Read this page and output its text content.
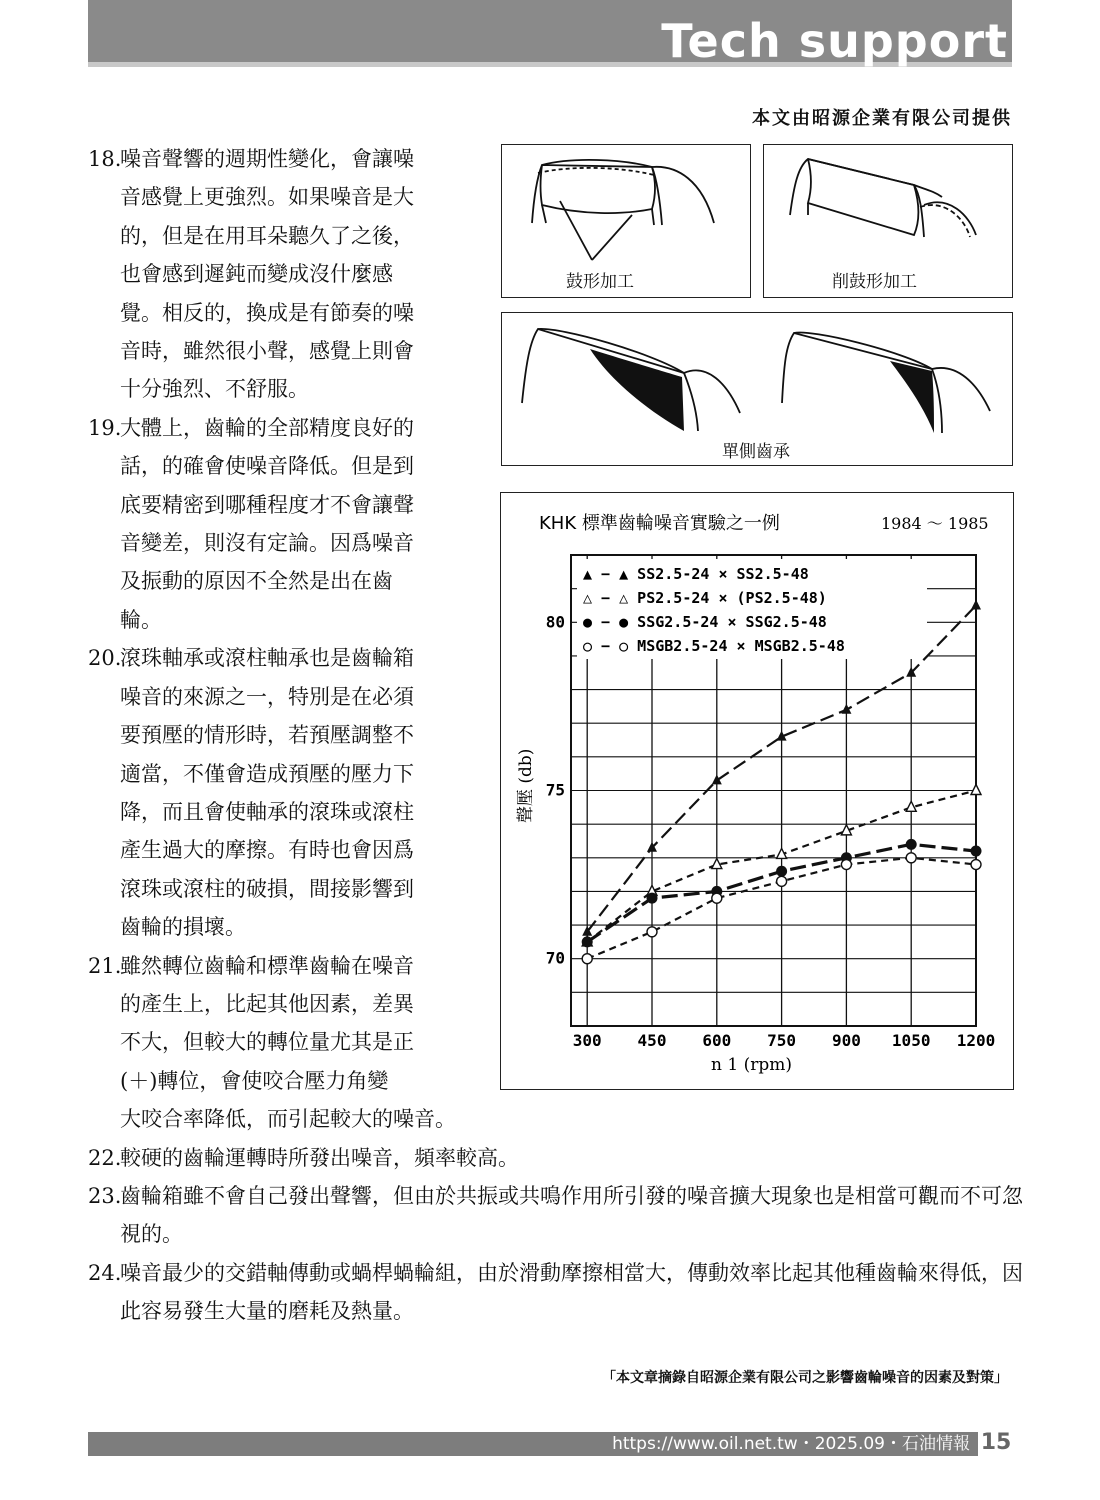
Tech support
本文由昭源企業有限公司提供
18.

噪音聲響的週期性變化，會讓噪

音感覺上更強烈。如果噪音是大

的，但是在用耳朵聽久了之後，

也會感到遲鈍而變成沒什麼感

覺。相反的，換成是有節奏的噪

音時，雖然很小聲，感覺上則會

十分強烈、不舒服。

19.

大體上，齒輪的全部精度良好的

話，的確會使噪音降低。但是到

底要精密到哪種程度才不會讓聲

音變差，則沒有定論。因爲噪音

及振動的原因不全然是出在齒

輪。

20.

滾珠軸承或滾柱軸承也是齒輪箱

噪音的來源之一，特別是在必須

要預壓的情形時，若預壓調整不

適當，不僅會造成預壓的壓力下

降，而且會使軸承的滾珠或滾柱

產生過大的摩擦。有時也會因爲

滾珠或滾柱的破損，間接影響到

齒輪的損壞。

21.

雖然轉位齒輪和標準齒輪在噪音

的產生上，比起其他因素，差異

不大，但較大的轉位量尤其是正

(＋)轉位，會使咬合壓力角變

大咬合率降低，而引起較大的噪音。

22.

較硬的齒輪運轉時所發出噪音，頻率較高。

23.

齒輪箱雖不會自己發出聲響，但由於共振或共鳴作用所引發的噪音擴大現象也是相當可觀而不可忽視的。

24.

噪音最少的交錯軸傳動或蝸桿蝸輪組，由於滑動摩擦相當大，傳動效率比起其他種齒輪來得低，因此容易發生大量的磨耗及熱量。

鼓形加工	削鼓形加工
單側齒承
KHK 標準齒輪噪音實驗之一例	1984 ～ 1985
n 1 (rpm)
聲壓 (db)
300 450 600 750 900 1050 1200
70
75
80
▲ − ▲ SS2.5-24 × SS2.5-48
△ − △ PS2.5-24 × (PS2.5-48)
● − ● SSG2.5-24 × SSG2.5-48
○ − ○ MSGB2.5-24 × MSGB2.5-48
「本文章摘錄自昭源企業有限公司之影響齒輪噪音的因素及對策」
https://www.oil.net.tw・2025.09・石油情報 15
